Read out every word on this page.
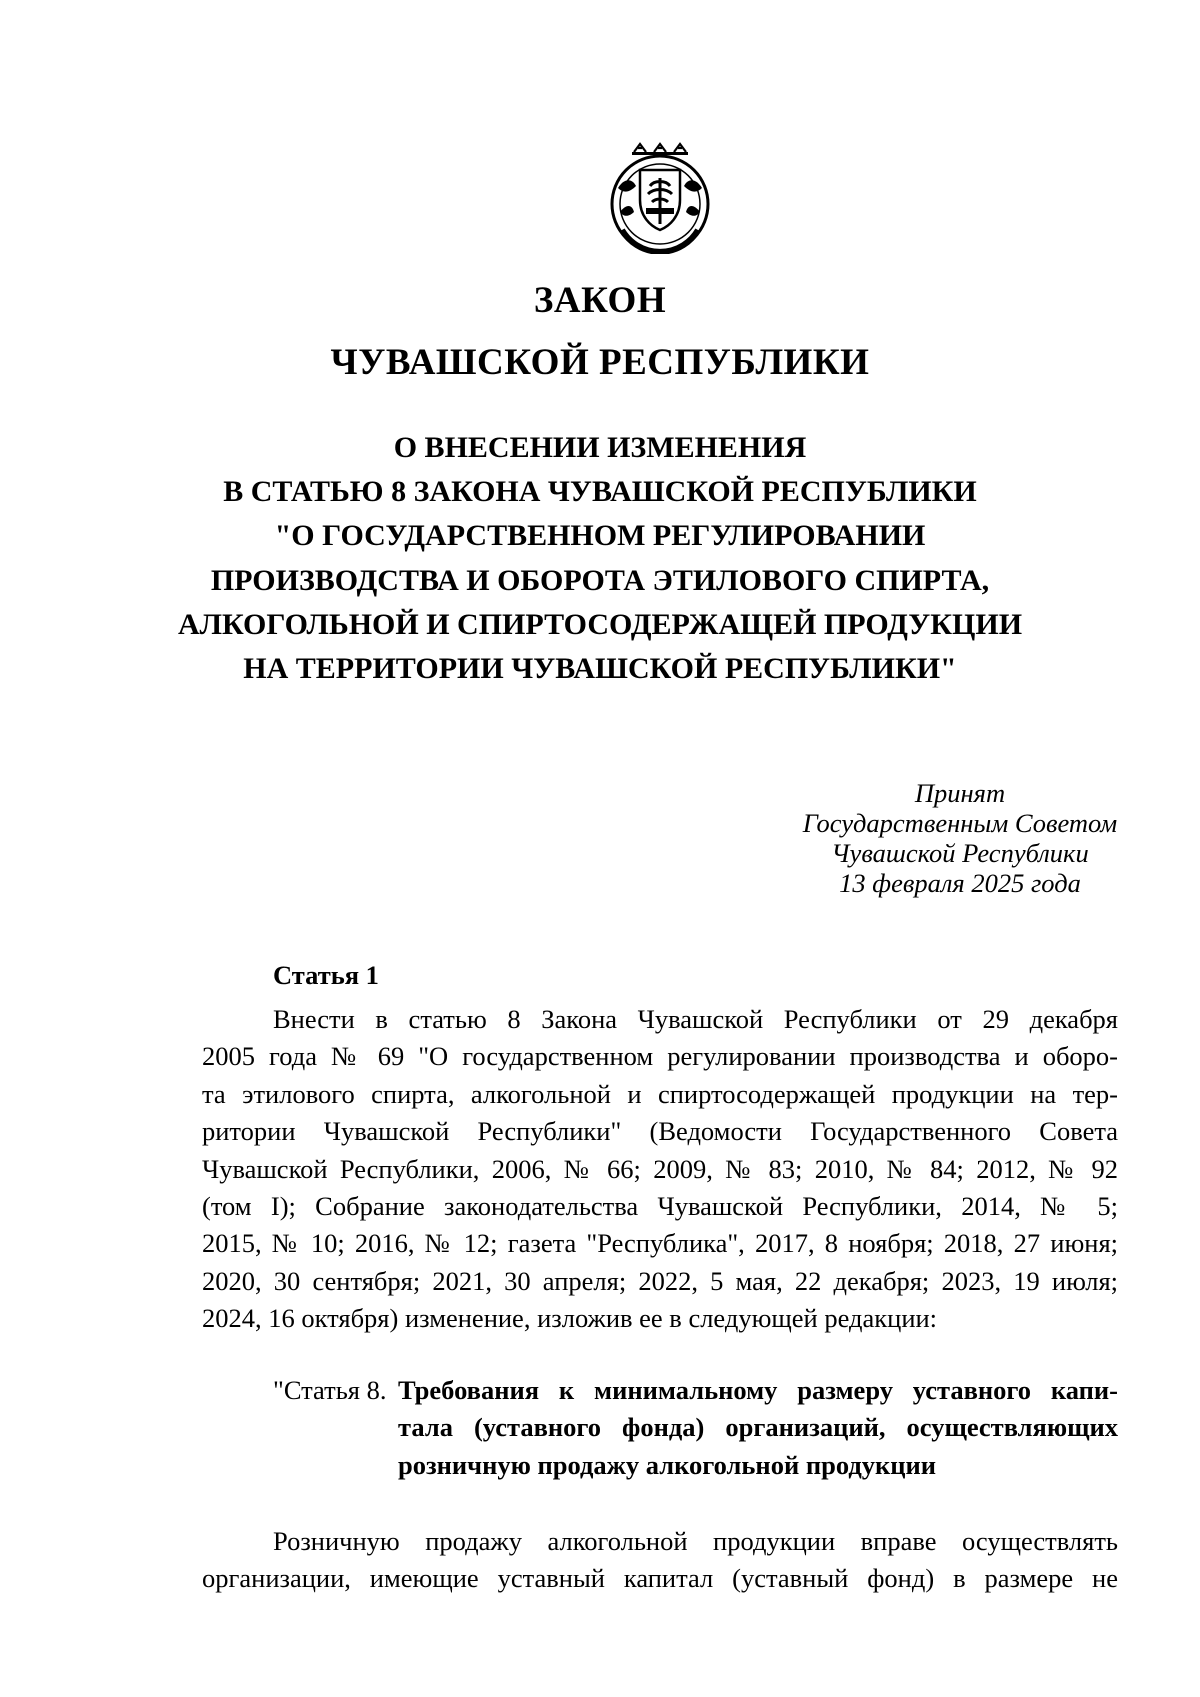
ЗАКОН
ЧУВАШСКОЙ РЕСПУБЛИКИ
О ВНЕСЕНИИ ИЗМЕНЕНИЯ
В СТАТЬЮ 8 ЗАКОНА ЧУВАШСКОЙ РЕСПУБЛИКИ
"О ГОСУДАРСТВЕННОМ РЕГУЛИРОВАНИИ
ПРОИЗВОДСТВА И ОБОРОТА ЭТИЛОВОГО СПИРТА,
АЛКОГОЛЬНОЙ И СПИРТОСОДЕРЖАЩЕЙ ПРОДУКЦИИ
НА ТЕРРИТОРИИ ЧУВАШСКОЙ РЕСПУБЛИКИ"
Принят
Государственным Советом
Чувашской Республики
13 февраля 2025 года
Статья 1
Внести в статью 8 Закона Чувашской Республики от 29 декабря
2005 года № 69 "О государственном регулировании производства и оборо-
та этилового спирта, алкогольной и спиртосодержащей продукции на тер-
ритории Чувашской Республики" (Ведомости Государственного Совета
Чувашской Республики, 2006, № 66; 2009, № 83; 2010, № 84; 2012, № 92
(том I); Собрание законодательства Чувашской Республики, 2014, № 5;
2015, № 10; 2016, № 12; газета "Республика", 2017, 8 ноября; 2018, 27 июня;
2020, 30 сентября; 2021, 30 апреля; 2022, 5 мая, 22 декабря; 2023, 19 июля;
2024, 16 октября) изменение, изложив ее в следующей редакции:
"Статья 8. Требования к минимальному размеру уставного капи-
тала (уставного фонда) организаций, осуществляющих
розничную продажу алкогольной продукции
Розничную продажу алкогольной продукции вправе осуществлять
организации, имеющие уставный капитал (уставный фонд) в размере не
